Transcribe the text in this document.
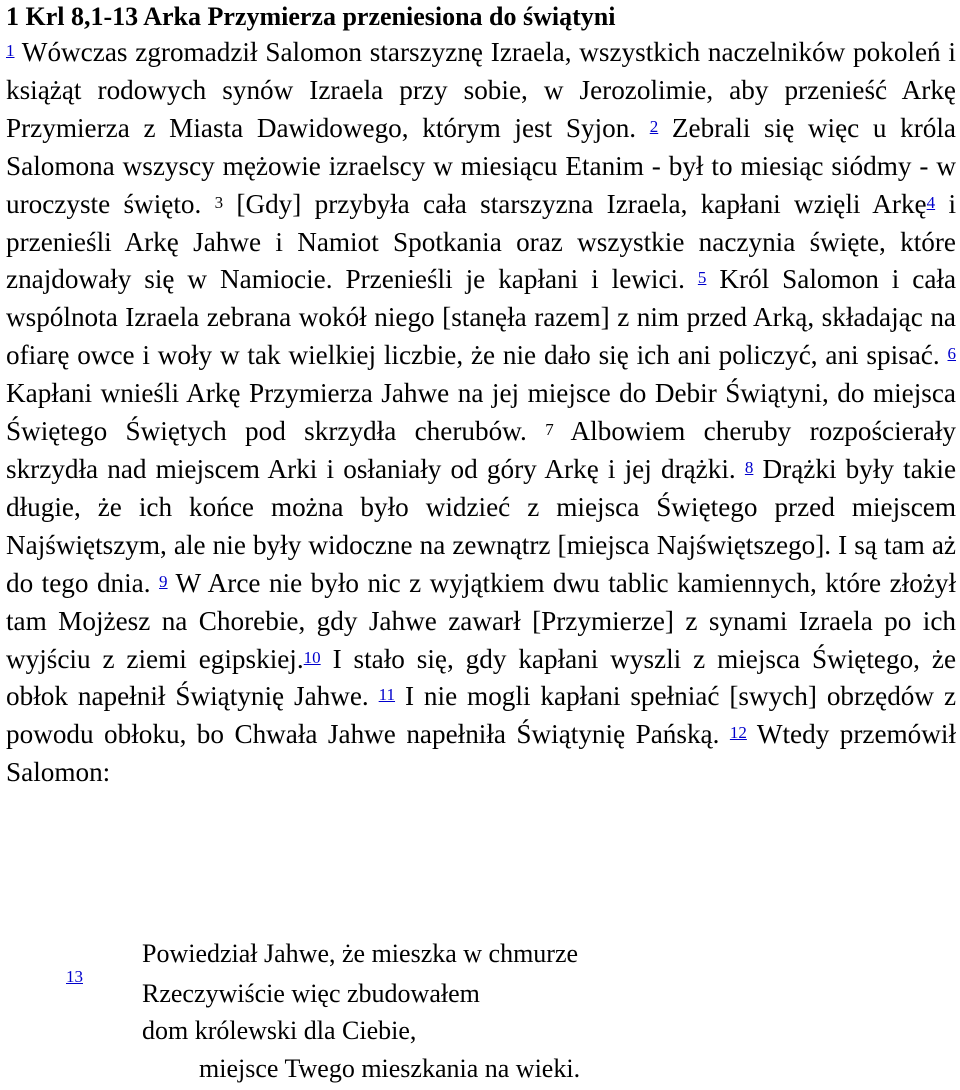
1 Krl 8,1-13 Arka Przymierza przeniesiona do świątyni

$^1$ Wówczas zgromadził Salomon starszyznę Izraela, wszystkich naczelników pokoleń i książąt rodowych synów Izraela przy sobie, w Jerozolimie, aby przenieść Arkę Przymierza z Miasta Dawidowego, którym jest Syjon. $^2$ Zebrali się więc u króla Salomona wszyscy mężowie izraelscy w miesiącu Etanim - był to miesiąc siódmy - w uroczyste święto. $^3$ [Gdy] przybyła cała starszyzna Izraela, kapłani wzięli Arkę$^4$ i przenieśli Arkę Jahwe i Namiot Spotkania oraz wszystkie naczynia święte, które znajdowały się w Namiocie. Przenieśli je kapłani i lewici. $^5$ Król Salomon i cała wspólnota Izraela zebrana wokół niego [stanęła razem] z nim przed Arką, składając na ofiarę owce i woły w tak wielkiej liczbie, że nie dało się ich ani policzyć, ani spisać. $^6$ Kapłani wnieśli Arkę Przymierza Jahwe na jej miejsce do Debir Świątyni, do miejsca Świętego Świętych pod skrzydła cherubów. $^7$ Albowiem cheruby rozpościerały skrzydła nad miejscem Arki i osłaniały od góry Arkę i jej drążki. $^8$ Drążki były takie długie, że ich końce można było widzieć z miejsca Świętego przed miejscem Najświętszym, ale nie były widoczne na zewnątrz [miejsca Najświętszego]. I są tam aż do tego dnia. $^9$ W Arce nie było nic z wyjątkiem dwu tablic kamiennych, które złożył tam Mojżesz na Chorebie, gdy Jahwe zawarł [Przymierze] z synami Izraela po ich wyjściu z ziemi egipskiej.$^{10}$ I stało się, gdy kapłani wyszli z miejsca Świętego, że obłok napełnił Świątynię Jahwe. $^{11}$ I nie mogli kapłani spełniać [swych] obrzędów z powodu obłoku, bo Chwała Jahwe napełniła Świątynię Pańską. $^{12}$ Wtedy przemówił Salomon:

13
Powiedział Jahwe, że mieszka w chmurze
Rzeczywiście więc zbudowałem
dom królewski dla Ciebie,
miejsce Twego mieszkania na wieki.
